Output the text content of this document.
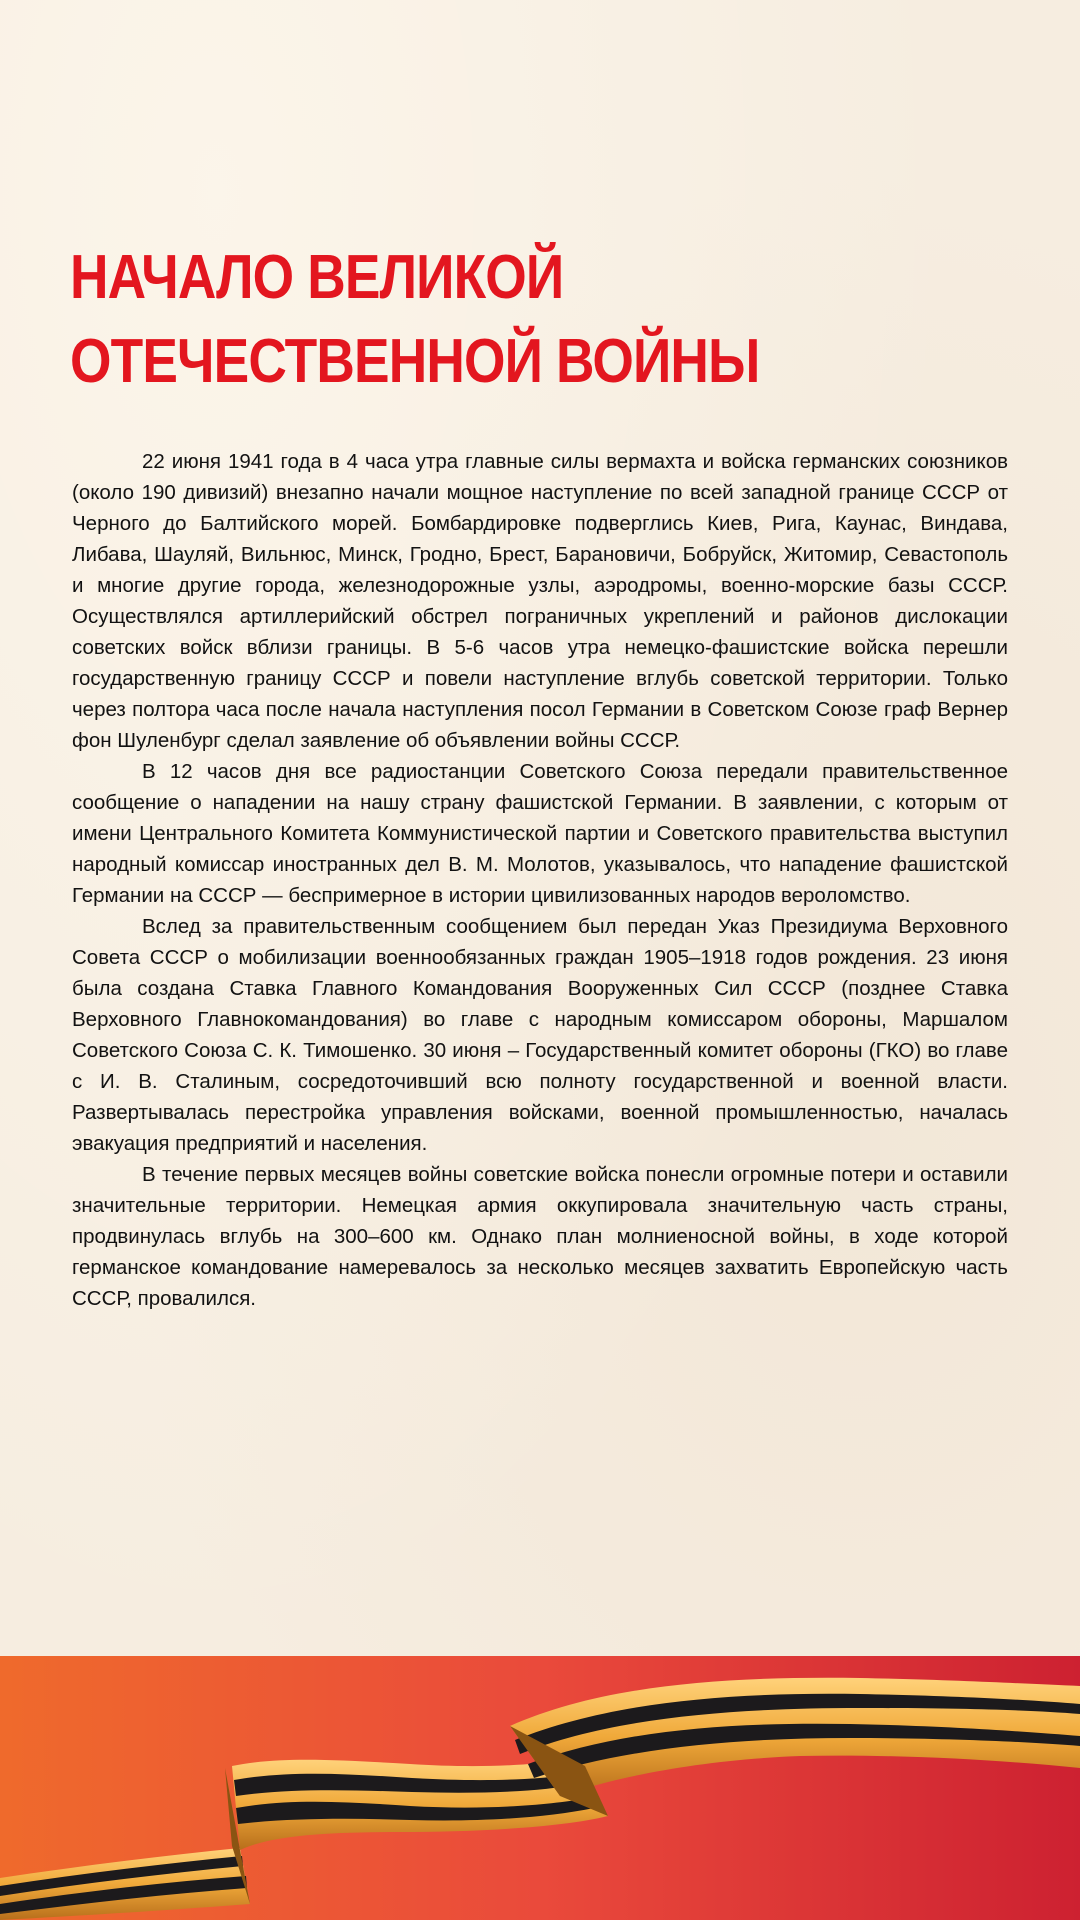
НАЧАЛО ВЕЛИКОЙ
ОТЕЧЕСТВЕННОЙ ВОЙНЫ

22 июня 1941 года в 4 часа утра главные силы вермахта и войска германских союзников (около 190 дивизий) внезапно начали мощное наступление по всей западной границе СССР от Черного до Балтийского морей. Бомбардировке подверглись Киев, Рига, Каунас, Виндава, Либава, Шауляй, Вильнюс, Минск, Гродно, Брест, Барановичи, Бобруйск, Житомир, Севастополь и многие другие города, железнодорожные узлы, аэродромы, военно-морские базы СССР. Осуществлялся артиллерийский обстрел пограничных укреплений и районов дислокации советских войск вблизи границы. В 5-6 часов утра немецко-фашистские войска перешли государственную границу СССР и повели наступление вглубь советской территории. Только через полтора часа после начала наступления посол Германии в Советском Союзе граф Вернер фон Шуленбург сделал заявление об объявлении войны СССР.

В 12 часов дня все радиостанции Советского Союза передали правительственное сообщение о нападении на нашу страну фашистской Германии. В заявлении, с которым от имени Центрального Комитета Коммунистической партии и Советского правительства выступил народный комиссар иностранных дел В. М. Молотов, указывалось, что нападение фашистской Германии на СССР — беспримерное в истории цивилизованных народов вероломство.

Вслед за правительственным сообщением был передан Указ Президиума Верховного Совета СССР о мобилизации военнообязанных граждан 1905–1918 годов рождения. 23 июня была создана Ставка Главного Командования Вооруженных Сил СССР (позднее Ставка Верховного Главнокомандования) во главе с народным комиссаром обороны, Маршалом Советского Союза С. К. Тимошенко. 30 июня – Государственный комитет обороны (ГКО) во главе с И. В. Сталиным, сосредоточивший всю полноту государственной и военной власти. Развертывалась перестройка управления войсками, военной промышленностью, началась эвакуация предприятий и населения.

В течение первых месяцев войны советские войска понесли огромные потери и оставили значительные территории. Немецкая армия оккупировала значительную часть страны, продвинулась вглубь на 300–600 км. Однако план молниеносной войны, в ходе которой германское командование намеревалось за несколько месяцев захватить Европейскую часть СССР, провалился.
